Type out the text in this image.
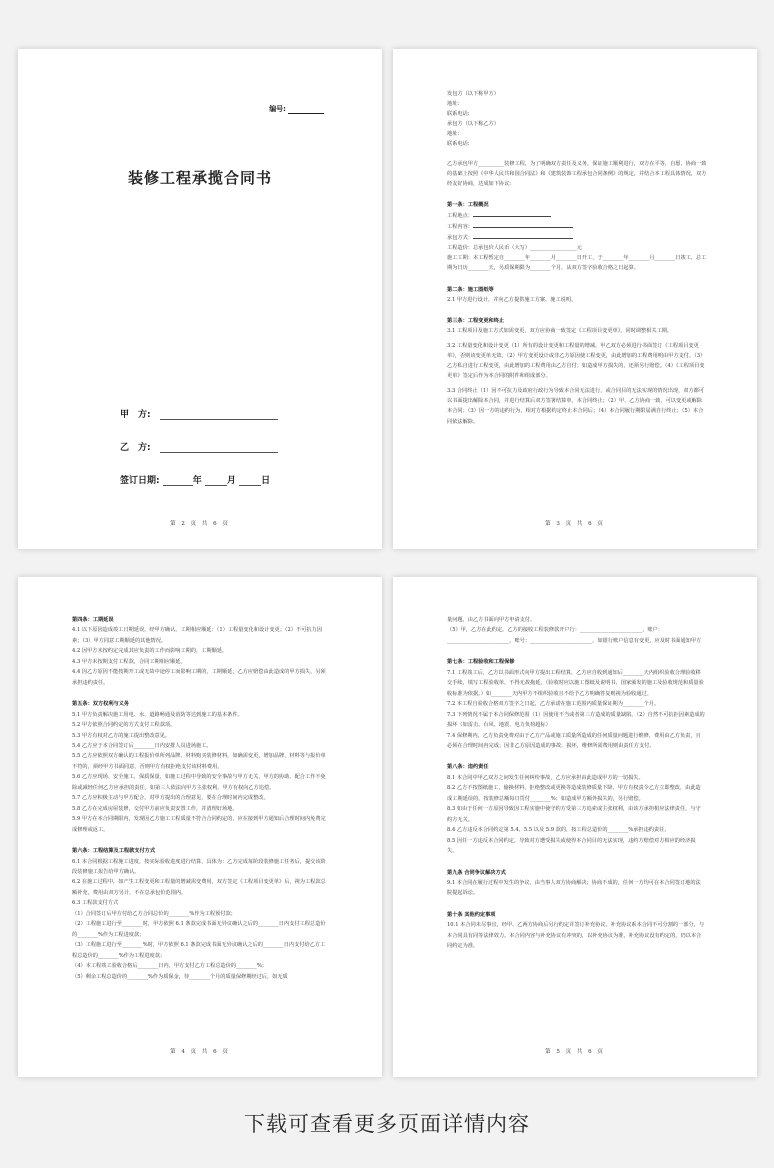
编号:
装修工程承揽合同书
甲　方:
乙　方:
签订日期:	年	月	日
第 2 页 共 6 页

发包方（以下称甲方）

地址:

联系电话:

承包方（以下称乙方）

地址:

联系电话:

乙方承包甲方__________装修工程，为了明确双方责任及义务，保证施工顺利进行，双方在平等，自愿、协商一致的基础上按照《中华人民共和国合同法》和《建筑装饰工程承包合同条例》的规定，并结合本工程具体情况，双方经友好协商，达成如下协议:

第一条：工程概况

工程地点：

工程内容：

承包方式：

工程造价：总承包价人民币（大写）__________________元

施工工期：本工程暂定自________年________月________日开工，于________年________月________日竣工，总工期为日历________天，另质保期限为________个月，从双方签字验收合格之日起算。

第二条：施工图纸等

2.1 甲方进行设计，并向乙方提供施工方案、施工说明。

第三条：工程变更和终止

3.1 工程项目及施工方式如需变更，双方应协商一致签定《工程项目变更单》，同时调整相关工期。

3.2 工程量变化和设计变更（1）所有的设计变更和工程量的增减，甲乙双方必须进行书面签订《工程项目变更单》，否则该变更单无效。（2）甲方变更设计或非乙方原因使工程变更，由此增加的工程费用明由甲方支付。（3）乙方私自进行工程变更，由此增加的工程费用由乙方自付；如造成甲方损失的，还须另行赔偿。（4）《工程项目变更单》签定后作为本合同的附件和组成部分。

3.3 合同终止（1）因不可抗力及政府行政行为导致本合同无法进行，或合同目的无法实现的情况出现，双方都可以书面提出解除本合同，并进行结算后双方签署结算单，本合同终止；（2）甲、乙方协商一致，可以变更或解除本合同；（3）因一方的违约行为，相对方根据约定终止本合同后；（4）本合同履行期限届满自行终止；（5）本合同依法解除。

第 3 页 共 6 页

第四条：工期延误

4.1 以下原因造成竣工日期延误，经甲方确认，工期相应顺延：（1）工程量变化和设计变更；（2）不可抗力因素；（3）甲方同意工期顺延的其他情况。

4.2 因甲方未按约定完成其应负责的工作而影响工期的，工期顺延。

4.3 甲方未按期支付工程款，合同工期相应顺延。

4.4 因乙方原因不能按期开工或无故中途停工而影响工期的，工期顺延，乙方应赔偿由此造成的甲方损失，另须承担违约责任。

第五条：双方权利与义务

5.1 甲方负责解决施工用电、水、道路畅通及消防等达到施工的基本条件。

5.2 甲方依照合同约定的方式支付工程款项。

5.3 甲方有权对乙方的施工提出整改意见。

5.4 乙方应于本合同签订后________日内安排人员进场施工。

5.5 乙方应依照双方确认的工程报价单所列品牌、材料购买装修材料，如确需变更、增加品牌，材料等与报价单不符的，须经甲方书面同意，否则甲方有权拒绝支付该材料费用。

5.6 乙方应现场、安全施工，保质保量，如施工过程中导致的安全事故与甲方无关，甲方的协助、配合工作不免除或减轻任何乙方应承担的责任。如第三人依法向甲方主张权利，甲方有权向乙方追偿。

5.7 乙方应积极主动与甲方配合，对甲方提出的合理意见，要在合理时间内完成整改。

5.8 乙方在完成房屋装修，交付甲方前应负责安置工作，并清理好场地。

5.9 甲方在本合同期限内，发现因乙方施工工程质量不符合合同约定的，应在接到甲方通知后合理时间内免费完成修理或返工。

第六条：工程结算及工程款支付方式

6.1 本合同根据工程施工进度，按实际验收进度进行结算，具体为：乙方完成每阶段装修施工任务后，提交该阶段装修施工报告给甲方确认。

6.2 在施工过程中，如产生工程变更和工程量的增减需变费用，双方签定《工程项目变更单》后，视为工程款总额补充，费用由双方另计，不在总承包价范围内。

6.3 工程款支付方式

（1）合同签订后甲方付给乙方合同总价的________%作为工程预付款；

（2）工程施工进行至________时，甲方依照 6.1 条款完成书面无异议确认之后的________日内支付工程总造价的________%作为工程进度款；

（3）工程施工进行至________%时，甲方依照 6.1 条款完成书面无异议确认之后的________日内支付给乙方工程总造价的________%作为工程进度款；

（4）本工程竣工验收合格后________日内，甲方支付乙方工程总造价的________%；

（5）剩余工程总造价的________%作为质保金，待________个月的质量保修期经过后，如无质

第 4 页 共 6 页

量问题，由乙方书面向甲方申请支付。

（5）甲，乙方在此约定，乙方的接收工程装修款开户行：________________________，账户：________________________，账号：________________________，如银行账户信息有变更，应及时书面通知甲方

第七条：工程验收和工程保修

7.1 工程竣工后，乙方以书面形式向甲方提出工程结算，乙方应自收到通知后________天内组织验收合理验收移交手续，填写工程验收单，不得无故拖延，（验收时应以施工图纸及说明书、国家颁发的施工及验收规范和质量验收标准为依据。）如________天内甲方不组织验收且不给予乙方明确答复则视为验收通过。

7.2 本工程自验收合格双方签字之日起，乙方承诺在施工范围内质量保证期为________个月。

7.3 下列情况不属于本合同保修范围（1）因使用不当或者第三方造成的质量缺陷。（2）自然不可抗拒因素造成的损坏（如雷击、台风、地震、电力负荷超标）

7.4 保修期内，乙方负责免费对由于乙方产品或施工质量所造成的任何质量问题进行维修，费用由乙方负责，且必须在合理时间内完成；因非乙方原因造成的事故、损坏，维修所需费用则由责任方支付。

第八条：违约责任

8.1 本合同中甲乙双方之间发生任何纠纷事故，乙方应承担由此造成甲方的一切损失。

8.2 乙方不按图纸施工，偷换材料，拒绝整改或更换等造成装修质量下降，甲方有权责令乙方立即整改，由此造成工期延误的，按装修总额每日罚付________%；如造成甲方额外损失的，另行赔偿。

8.3 如由于任何一方原因导致因工程实施中使守约方受第三方追索或主张权利，由该方承担相应法律责任，与守约方无关。

8.4 乙方违反本合同约定第 5.4、5.5 以及 5.9 款的，按工程总造价的________%承担违约责任。

8.5 因任一方违反本合同约定，导致对方遭受损失或使得本合同目的无法实现，违约方赔偿对方相应的经济损失。

第九条 合同争议解决方式

9.1 本合同在履行过程中发生的争议，由当事人双方协商解决；协商不成的，任何一方均可在本合同签订地的法院提起诉讼。

第十条 其他约定事项

10.1 本合同未尽事宜，经甲、乙两方协商后另行约定并签订补充协议。补充协议系本合同不可分割的一部分，与本合同具有同等法律效力。本合同内容与补充协议有冲突的，以补充协议为准，补充协议没有约定的，仍以本合同约定为准。

第 5 页 共 6 页
下载可查看更多页面详情内容
